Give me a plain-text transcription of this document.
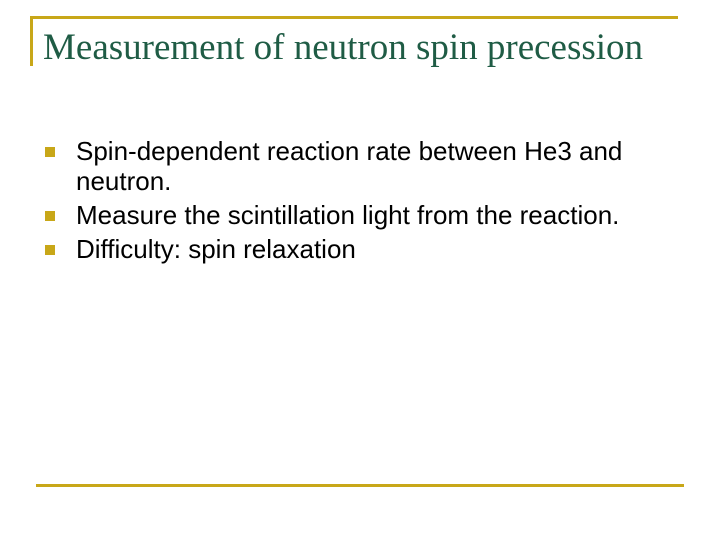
Measurement of neutron spin precession
Spin-dependent reaction rate between He3 and neutron.
Measure the scintillation light from the reaction.
Difficulty: spin relaxation
